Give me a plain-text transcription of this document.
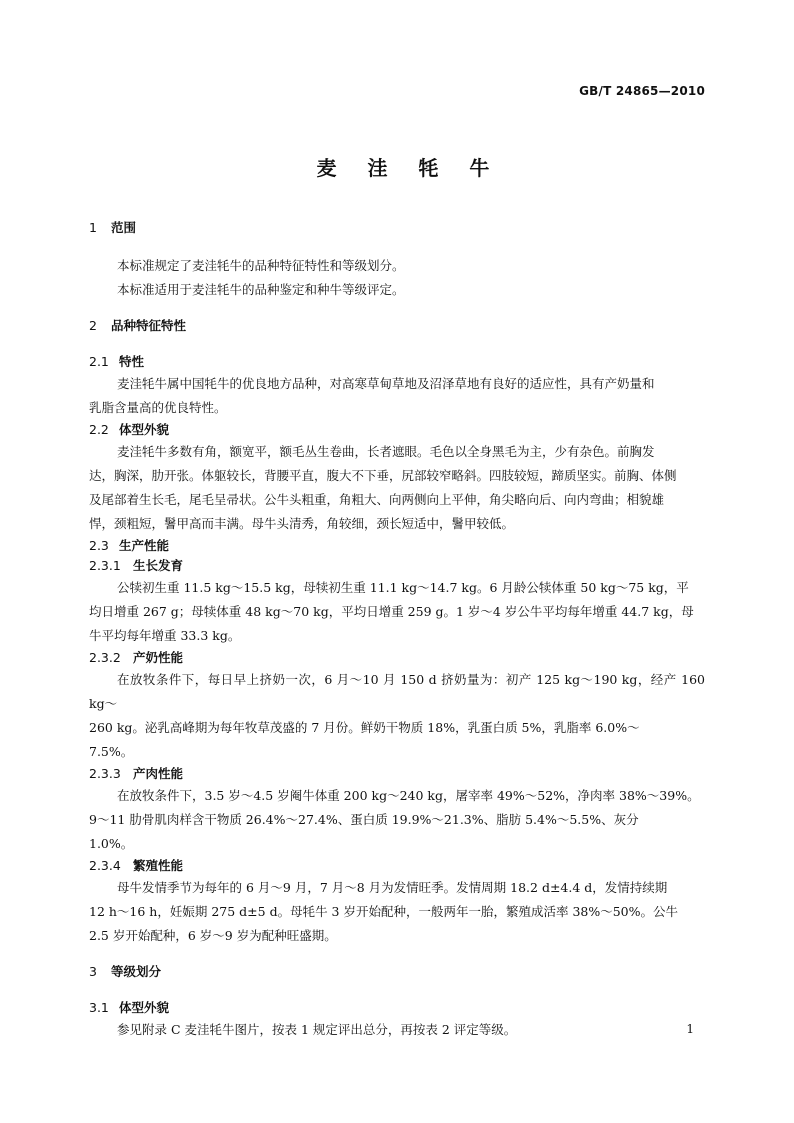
GB/T 24865—2010
麦 洼 牦 牛
1 范围

本标准规定了麦洼牦牛的品种特征特性和等级划分。

本标准适用于麦洼牦牛的品种鉴定和种牛等级评定。

2 品种特征特性
2.1 特性

麦洼牦牛属中国牦牛的优良地方品种，对高寒草甸草地及沼泽草地有良好的适应性，具有产奶量和
乳脂含量高的优良特性。

2.2 体型外貌

麦洼牦牛多数有角，额宽平，额毛丛生卷曲，长者遮眼。毛色以全身黑毛为主，少有杂色。前胸发
达，胸深，肋开张。体躯较长，背腰平直，腹大不下垂，尻部较窄略斜。四肢较短，蹄质坚实。前胸、体侧
及尾部着生长毛，尾毛呈帚状。公牛头粗重，角粗大、向两侧向上平伸，角尖略向后、向内弯曲；相貌雄
悍，颈粗短，鬐甲高而丰满。母牛头清秀，角较细，颈长短适中，鬐甲较低。

2.3 生产性能
2.3.1 生长发育

公犊初生重 11.5 kg～15.5 kg，母犊初生重 11.1 kg～14.7 kg。6 月龄公犊体重 50 kg～75 kg，平
均日增重 267 g；母犊体重 48 kg～70 kg，平均日增重 259 g。1 岁～4 岁公牛平均每年增重 44.7 kg，母
牛平均每年增重 33.3 kg。

2.3.2 产奶性能

在放牧条件下，每日早上挤奶一次，6 月～10 月 150 d 挤奶量为：初产 125 kg～190 kg，经产 160 kg～
260 kg。泌乳高峰期为每年牧草茂盛的 7 月份。鲜奶干物质 18%，乳蛋白质 5%，乳脂率 6.0%～
7.5%。

2.3.3 产肉性能

在放牧条件下，3.5 岁～4.5 岁阉牛体重 200 kg～240 kg，屠宰率 49%～52%，净肉率 38%～39%。
9～11 肋骨肌肉样含干物质 26.4%～27.4%、蛋白质 19.9%～21.3%、脂肪 5.4%～5.5%、灰分
1.0%。

2.3.4 繁殖性能

母牛发情季节为每年的 6 月～9 月，7 月～8 月为发情旺季。发情周期 18.2 d±4.4 d，发情持续期
12 h～16 h，妊娠期 275 d±5 d。母牦牛 3 岁开始配种，一般两年一胎，繁殖成活率 38%～50%。公牛
2.5 岁开始配种，6 岁～9 岁为配种旺盛期。

3 等级划分
3.1 体型外貌

参见附录 C 麦洼牦牛图片，按表 1 规定评出总分，再按表 2 评定等级。	1
